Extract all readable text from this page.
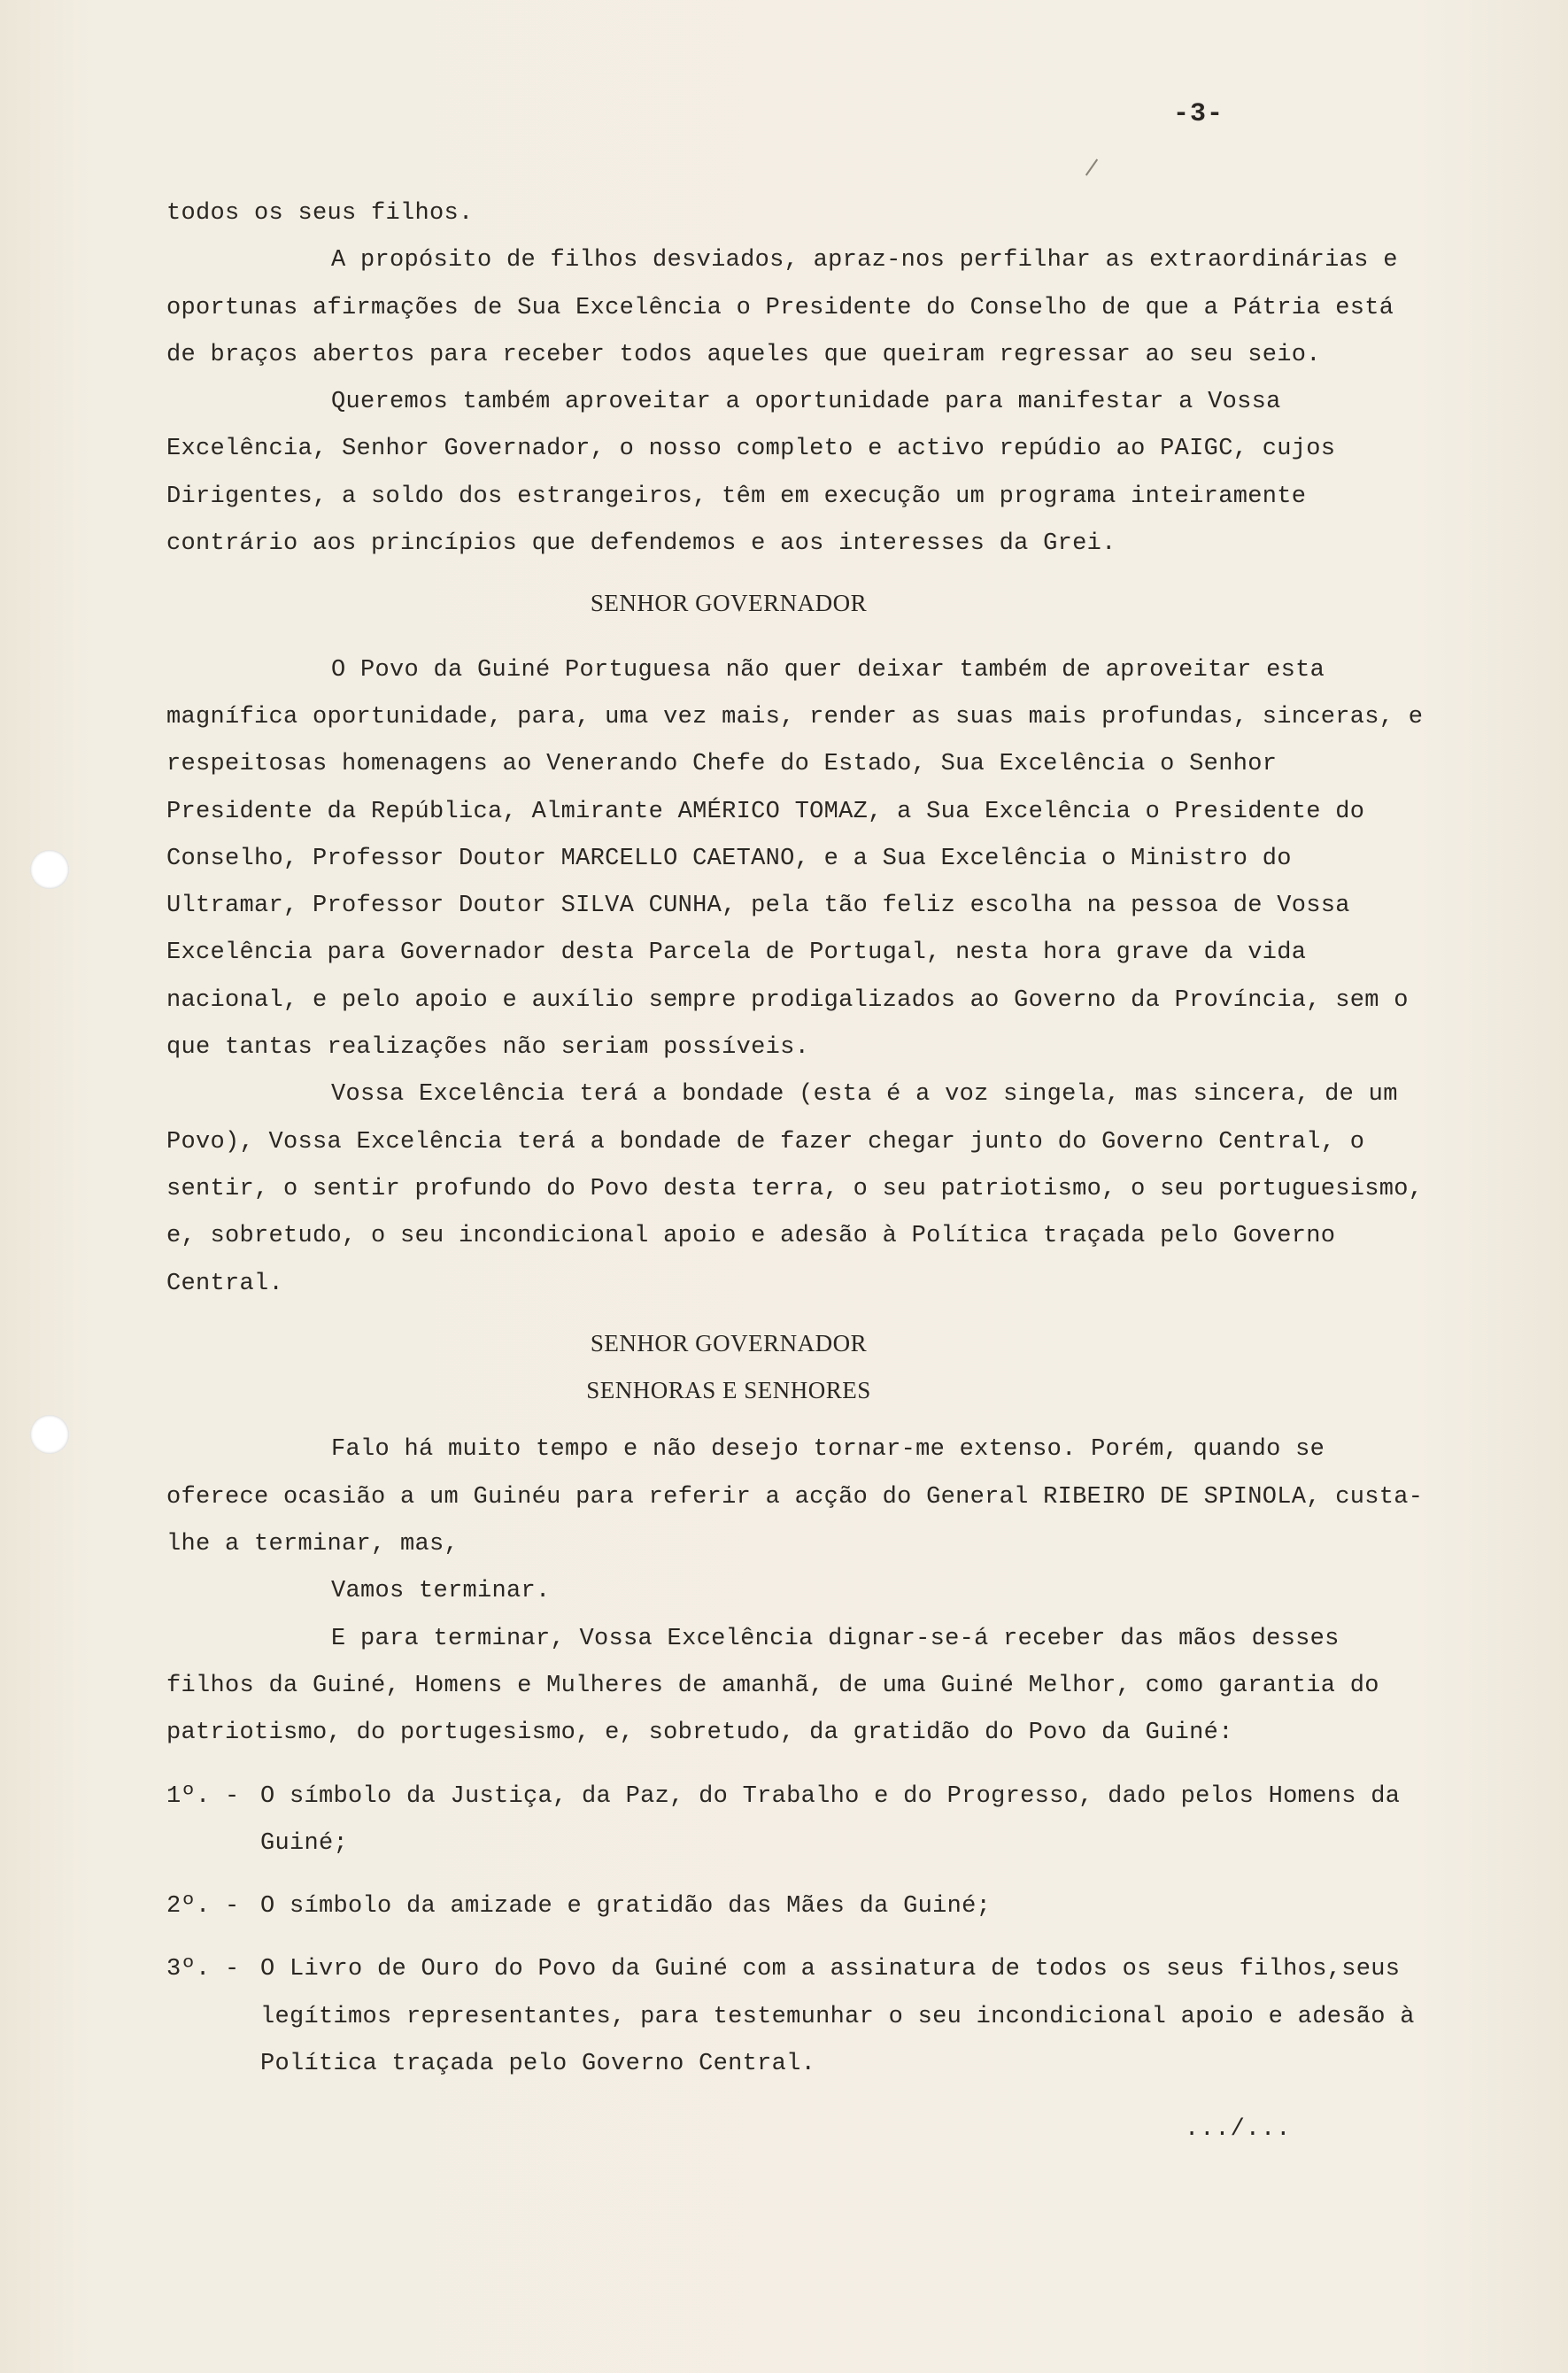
-3-

todos os seus filhos.

A propósito de filhos desviados, apraz-nos perfilhar as extraordinárias e oportunas afirmações de Sua Excelência o Presidente do Conselho de que a Pátria está de braços abertos para receber todos aqueles que queiram regressar ao seu seio.

Queremos também aproveitar a oportunidade para manifestar a Vossa Excelência, Senhor Governador, o nosso completo e activo repúdio ao PAIGC, cujos Dirigentes, a soldo dos estrangeiros, têm em execução um programa inteiramente contrário aos princípios que defendemos e aos interesses da Grei.

SENHOR GOVERNADOR

O Povo da Guiné Portuguesa não quer deixar também de aproveitar esta magnífica oportunidade, para, uma vez mais, render as suas mais profundas, sinceras, e respeitosas homenagens ao Venerando Chefe do Estado, Sua Excelência o Senhor Presidente da República, Almirante AMÉRICO TOMAZ, a Sua Excelência o Presidente do Conselho, Professor Doutor MARCELLO CAETANO, e a Sua Excelência o Ministro do Ultramar, Professor Doutor SILVA CUNHA, pela tão feliz escolha na pessoa de Vossa Excelência para Governador desta Parcela de Portugal, nesta hora grave da vida nacional, e pelo apoio e auxílio sempre prodigalizados ao Governo da Província, sem o que tantas realizações não seriam possíveis.

Vossa Excelência terá a bondade (esta é a voz singela, mas sincera, de um Povo), Vossa Excelência terá a bondade de fazer chegar junto do Governo Central, o sentir, o sentir profundo do Povo desta terra, o seu patriotismo, o seu portuguesismo, e, sobretudo, o seu incondicional apoio e adesão à Política traçada pelo Governo Central.

SENHOR GOVERNADOR

SENHORAS E SENHORES

Falo há muito tempo e não desejo tornar-me extenso. Porém, quando se oferece ocasião a um Guinéu para referir a acção do General RIBEIRO DE SPINOLA, custa-lhe a terminar, mas,

Vamos terminar.

E para terminar, Vossa Excelência dignar-se-á receber das mãos desses filhos da Guiné, Homens e Mulheres de amanhã, de uma Guiné Melhor, como garantia do patriotismo, do portugesismo, e, sobretudo, da gratidão do Povo da Guiné:

1º. - O símbolo da Justiça, da Paz, do Trabalho e do Progresso, dado pelos Homens da Guiné;
2º. - O símbolo da amizade e gratidão das Mães da Guiné;
3º. - O Livro de Ouro do Povo da Guiné com a assinatura de todos os seus filhos,seus legítimos representantes, para testemunhar o seu incondicional apoio e adesão à Política traçada pelo Governo Central.
.../...
